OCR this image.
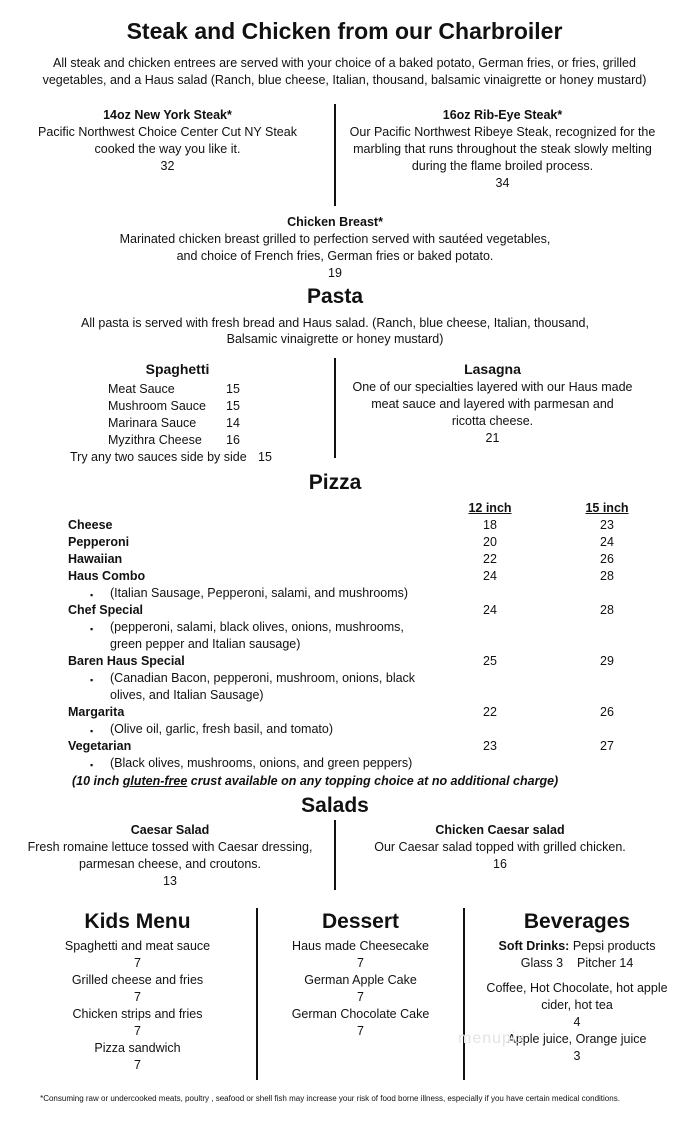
Steak and Chicken from our Charbroiler
All steak and chicken entrees are served with your choice of a baked potato, German fries, or fries, grilled
vegetables, and a Haus salad (Ranch, blue cheese, Italian, thousand, balsamic vinaigrette or honey mustard)
14oz New York Steak*
Pacific Northwest Choice Center Cut NY Steak
cooked the way you like it.
32
16oz Rib-Eye Steak*
Our Pacific Northwest Ribeye Steak, recognized for the
marbling that runs throughout the steak slowly melting
during the flame broiled process.
34
Chicken Breast*
Marinated chicken breast grilled to perfection served with sautéed vegetables,
and choice of French fries, German fries or baked potato.
19
Pasta
All pasta is served with fresh bread and Haus salad. (Ranch, blue cheese, Italian, thousand,
Balsamic vinaigrette or honey mustard)
Spaghetti
Meat Sauce	15
Mushroom Sauce 15
Marinara Sauce 14
Myzithra Cheese 16
Try any two sauces side by side 15
Lasagna
One of our specialties layered with our Haus made
meat sauce and layered with parmesan and
ricotta cheese.
21
Pizza
12 inch	15 inch
Cheese	18	23
Pepperoni	20	24
Hawaiian	22	26
Haus Combo	24	28
▪ (Italian Sausage, Pepperoni, salami, and mushrooms)
Chef Special	24	28
▪ (pepperoni, salami, black olives, onions, mushrooms,
green pepper and Italian sausage)
Baren Haus Special	25	29
▪ (Canadian Bacon, pepperoni, mushroom, onions, black
olives, and Italian Sausage)
Margarita	22	26
▪ (Olive oil, garlic, fresh basil, and tomato)
Vegetarian	23	27
▪ (Black olives, mushrooms, onions, and green peppers)
(10 inch gluten-free crust available on any topping choice at no additional charge)
Salads
Caesar Salad
Fresh romaine lettuce tossed with Caesar dressing,
parmesan cheese, and croutons.
13
Chicken Caesar salad
Our Caesar salad topped with grilled chicken.
16
Kids Menu
Spaghetti and meat sauce
7
Grilled cheese and fries
7
Chicken strips and fries
7
Pizza sandwich
7
Dessert
Haus made Cheesecake
7
German Apple Cake
7
German Chocolate Cake
7
Beverages
Soft Drinks: Pepsi products
Glass 3    Pitcher 14
Coffee, Hot Chocolate, hot apple
cider, hot tea
4
Apple juice, Orange juice
3
menupix
*Consuming raw or undercooked meats, poultry , seafood or shell fish may increase your risk of food borne illness, especially if you have certain medical conditions.
